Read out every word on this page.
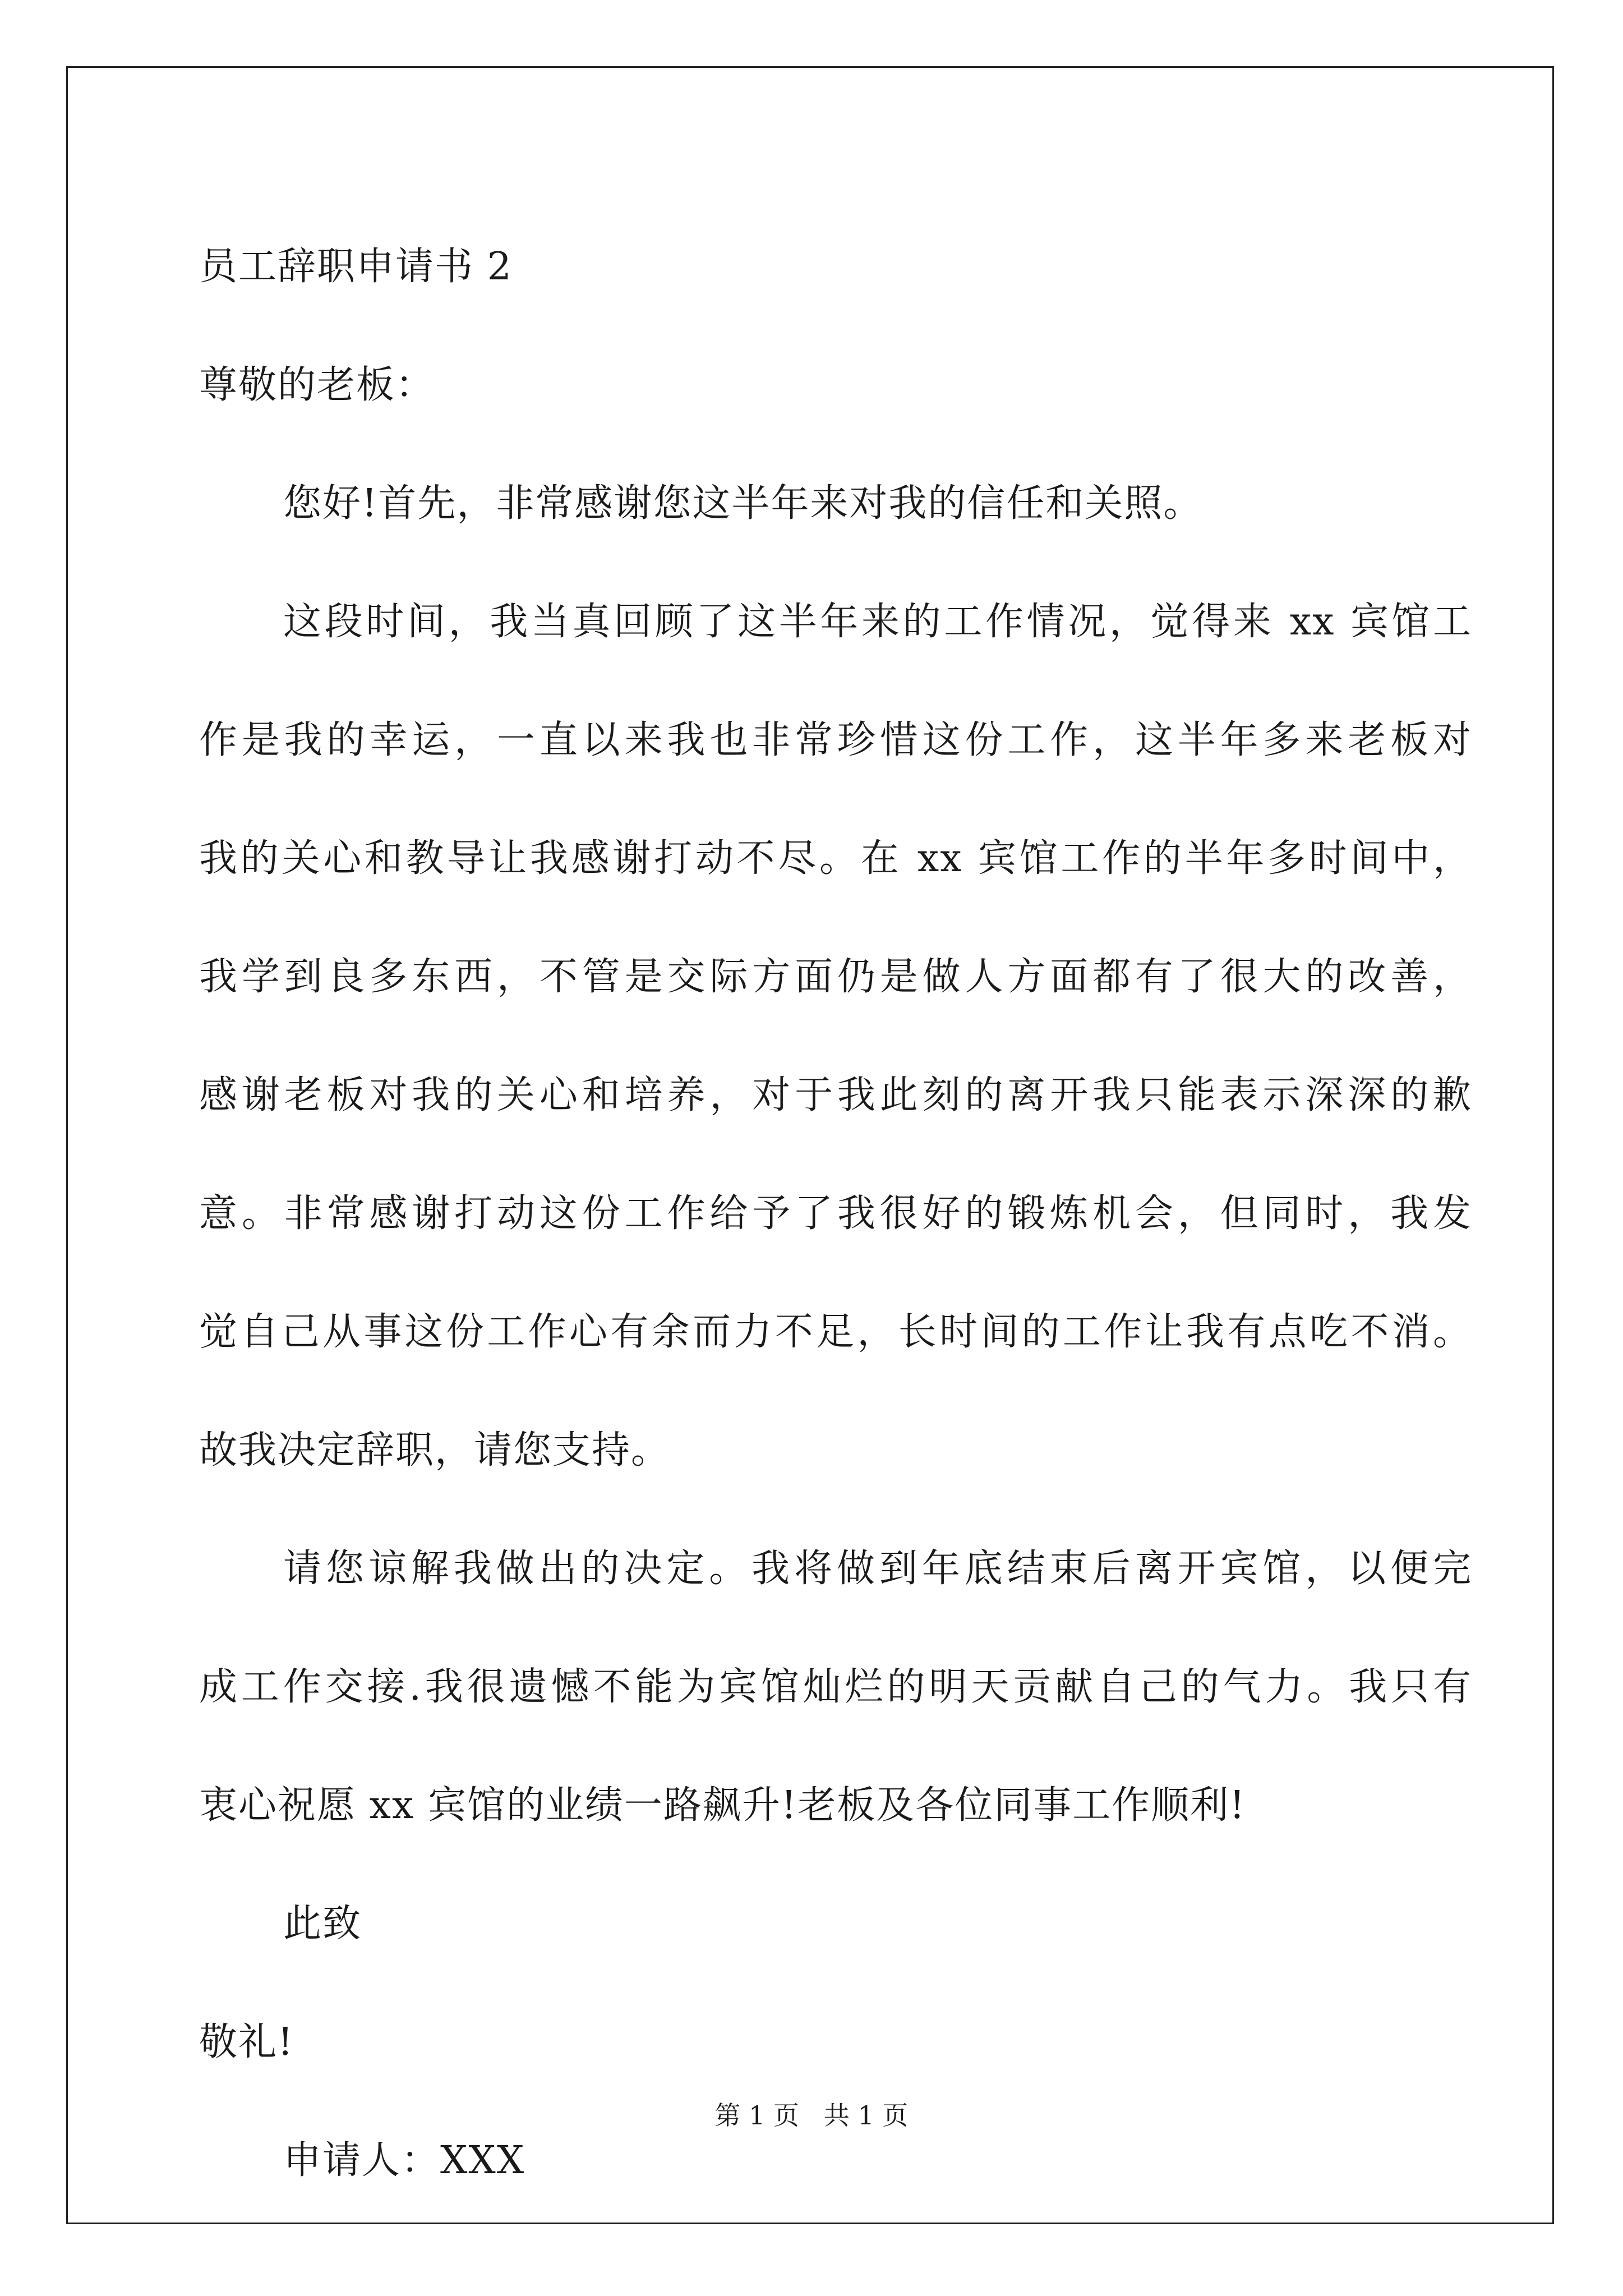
员工辞职申请书 2
尊敬的老板：
您好!首先，非常感谢您这半年来对我的信任和关照。
这段时间，我当真回顾了这半年来的工作情况，觉得来 xx 宾馆工
作是我的幸运，一直以来我也非常珍惜这份工作，这半年多来老板对
我的关心和教导让我感谢打动不尽。在 xx 宾馆工作的半年多时间中，
我学到良多东西，不管是交际方面仍是做人方面都有了很大的改善，
感谢老板对我的关心和培养，对于我此刻的离开我只能表示深深的歉
意。非常感谢打动这份工作给予了我很好的锻炼机会，但同时，我发
觉自己从事这份工作心有余而力不足，长时间的工作让我有点吃不消。
故我决定辞职，请您支持。
请您谅解我做出的决定。我将做到年底结束后离开宾馆，以便完
成工作交接.我很遗憾不能为宾馆灿烂的明天贡献自己的气力。我只有
衷心祝愿 xx 宾馆的业绩一路飙升!老板及各位同事工作顺利!
此致
敬礼!
申请人：XXX
第 1 页   共 1 页
